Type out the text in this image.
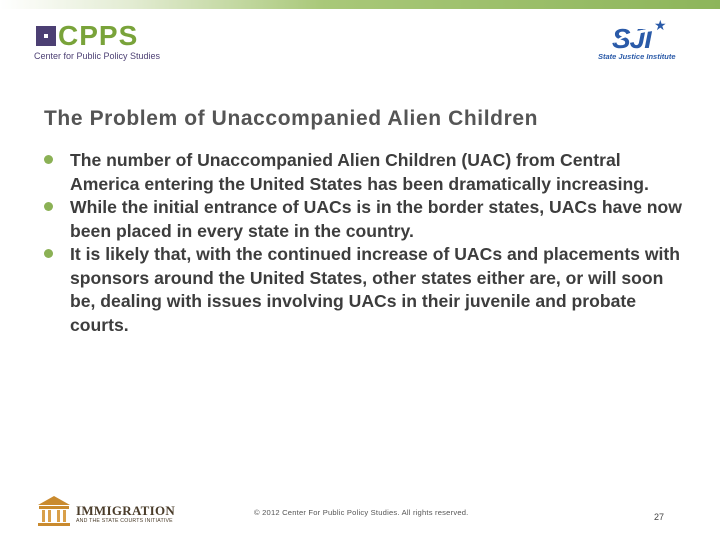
CPPS
Center for Public Policy Studies
SJI ★
State Justice Institute
The Problem of Unaccompanied Alien Children
The number of Unaccompanied Alien Children (UAC) from Central America entering the United States has been dramatically increasing.
While the initial entrance of UACs is in the border states, UACs have now been placed in every state in the country.
It is likely that, with the continued increase of UACs and placements with sponsors around the United States, other states either are, or will soon be, dealing with issues involving UACs in their juvenile and probate courts.
IMMIGRATION
AND THE STATE COURTS INITIATIVE
© 2012 Center For Public Policy Studies. All rights reserved.	27
